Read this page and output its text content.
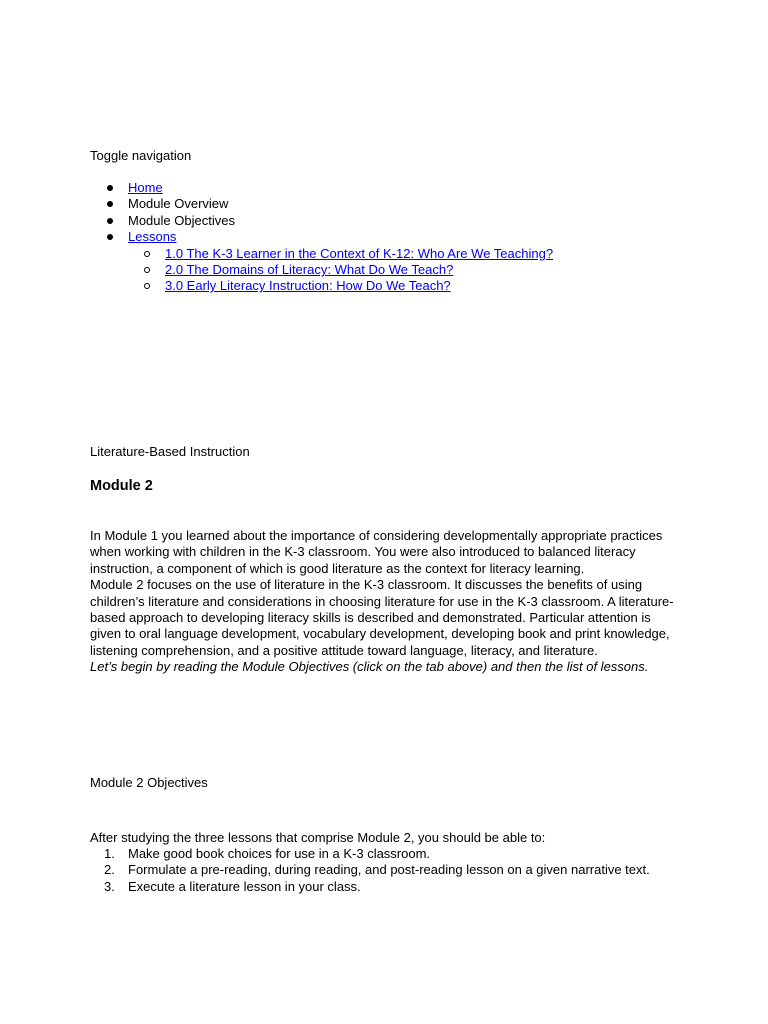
Toggle navigation

Home
Module Overview
Module Objectives
Lessons
1.0 The K-3 Learner in the Context of K-12: Who Are We Teaching?
2.0 The Domains of Literacy: What Do We Teach?
3.0 Early Literacy Instruction: How Do We Teach?

Literature-Based Instruction

Module 2

In Module 1 you learned about the importance of considering developmentally appropriate practices when working with children in the K-3 classroom. You were also introduced to balanced literacy instruction, a component of which is good literature as the context for literacy learning.

Module 2 focuses on the use of literature in the K-3 classroom. It discusses the benefits of using children’s literature and considerations in choosing literature for use in the K-3 classroom. A literature-based approach to developing literacy skills is described and demonstrated. Particular attention is given to oral language development, vocabulary development, developing book and print knowledge, listening comprehension, and a positive attitude toward language, literacy, and literature.

Let’s begin by reading the Module Objectives (click on the tab above) and then the list of lessons.

Module 2 Objectives

After studying the three lessons that comprise Module 2, you should be able to:

1. Make good book choices for use in a K-3 classroom.
2. Formulate a pre-reading, during reading, and post-reading lesson on a given narrative text.
3. Execute a literature lesson in your class.
